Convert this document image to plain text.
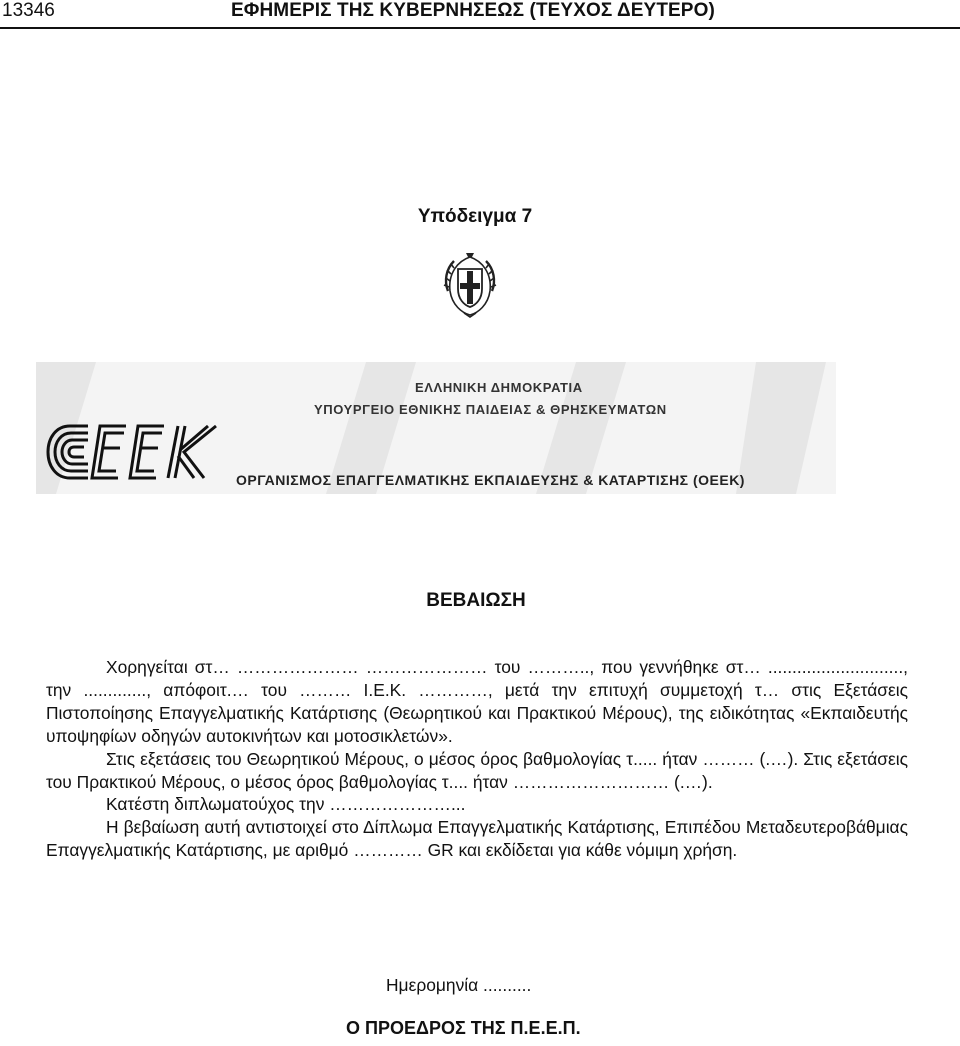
13346	ΕΦΗΜΕΡΙΣ ΤΗΣ ΚΥΒΕΡΝΗΣΕΩΣ (ΤΕΥΧΟΣ ΔΕΥΤΕΡΟ)
Υπόδειγμα 7
ΕΛΛΗΝΙΚΗ ΔΗΜΟΚΡΑΤΙΑ
ΥΠΟΥΡΓΕΙΟ ΕΘΝΙΚΗΣ ΠΑΙΔΕΙΑΣ & ΘΡΗΣΚΕΥΜΑΤΩΝ
ΟΡΓΑΝΙΣΜΟΣ ΕΠΑΓΓΕΛΜΑΤΙΚΗΣ ΕΚΠΑΙΔΕΥΣΗΣ & ΚΑΤΑΡΤΙΣΗΣ (ΟΕΕΚ)
ΒΕΒΑΙΩΣΗ

Χορηγείται στ… ………………… ………………… του ……….., που γεννήθηκε στ… ............................, την ............., απόφοιτ.… του ……… Ι.Ε.Κ. …………, μετά την επιτυχή συμμετοχή τ… στις Εξετάσεις Πιστοποίησης Επαγγελματικής Κατάρτισης (Θεωρητικού και Πρακτικού Μέρους), της ειδικότητας «Εκπαιδευτής υποψηφίων οδηγών αυτοκινήτων και μοτοσικλετών».

Στις εξετάσεις του Θεωρητικού Μέρους, ο μέσος όρος βαθμολογίας τ..... ήταν ……… (.…). Στις εξετάσεις του Πρακτικού Μέρους, ο μέσος όρος βαθμολογίας τ.... ήταν ……………………… (.…).

Κατέστη διπλωματούχος την …………………...

Η βεβαίωση αυτή αντιστοιχεί στο Δίπλωμα Επαγγελματικής Κατάρτισης, Επιπέδου Μεταδευτεροβάθμιας Επαγγελματικής Κατάρτισης, με αριθμό ………… GR και εκδίδεται για κάθε νόμιμη χρήση.

Ημερομηνία ..........
Ο ΠΡΟΕΔΡΟΣ ΤΗΣ Π.Ε.Ε.Π.
